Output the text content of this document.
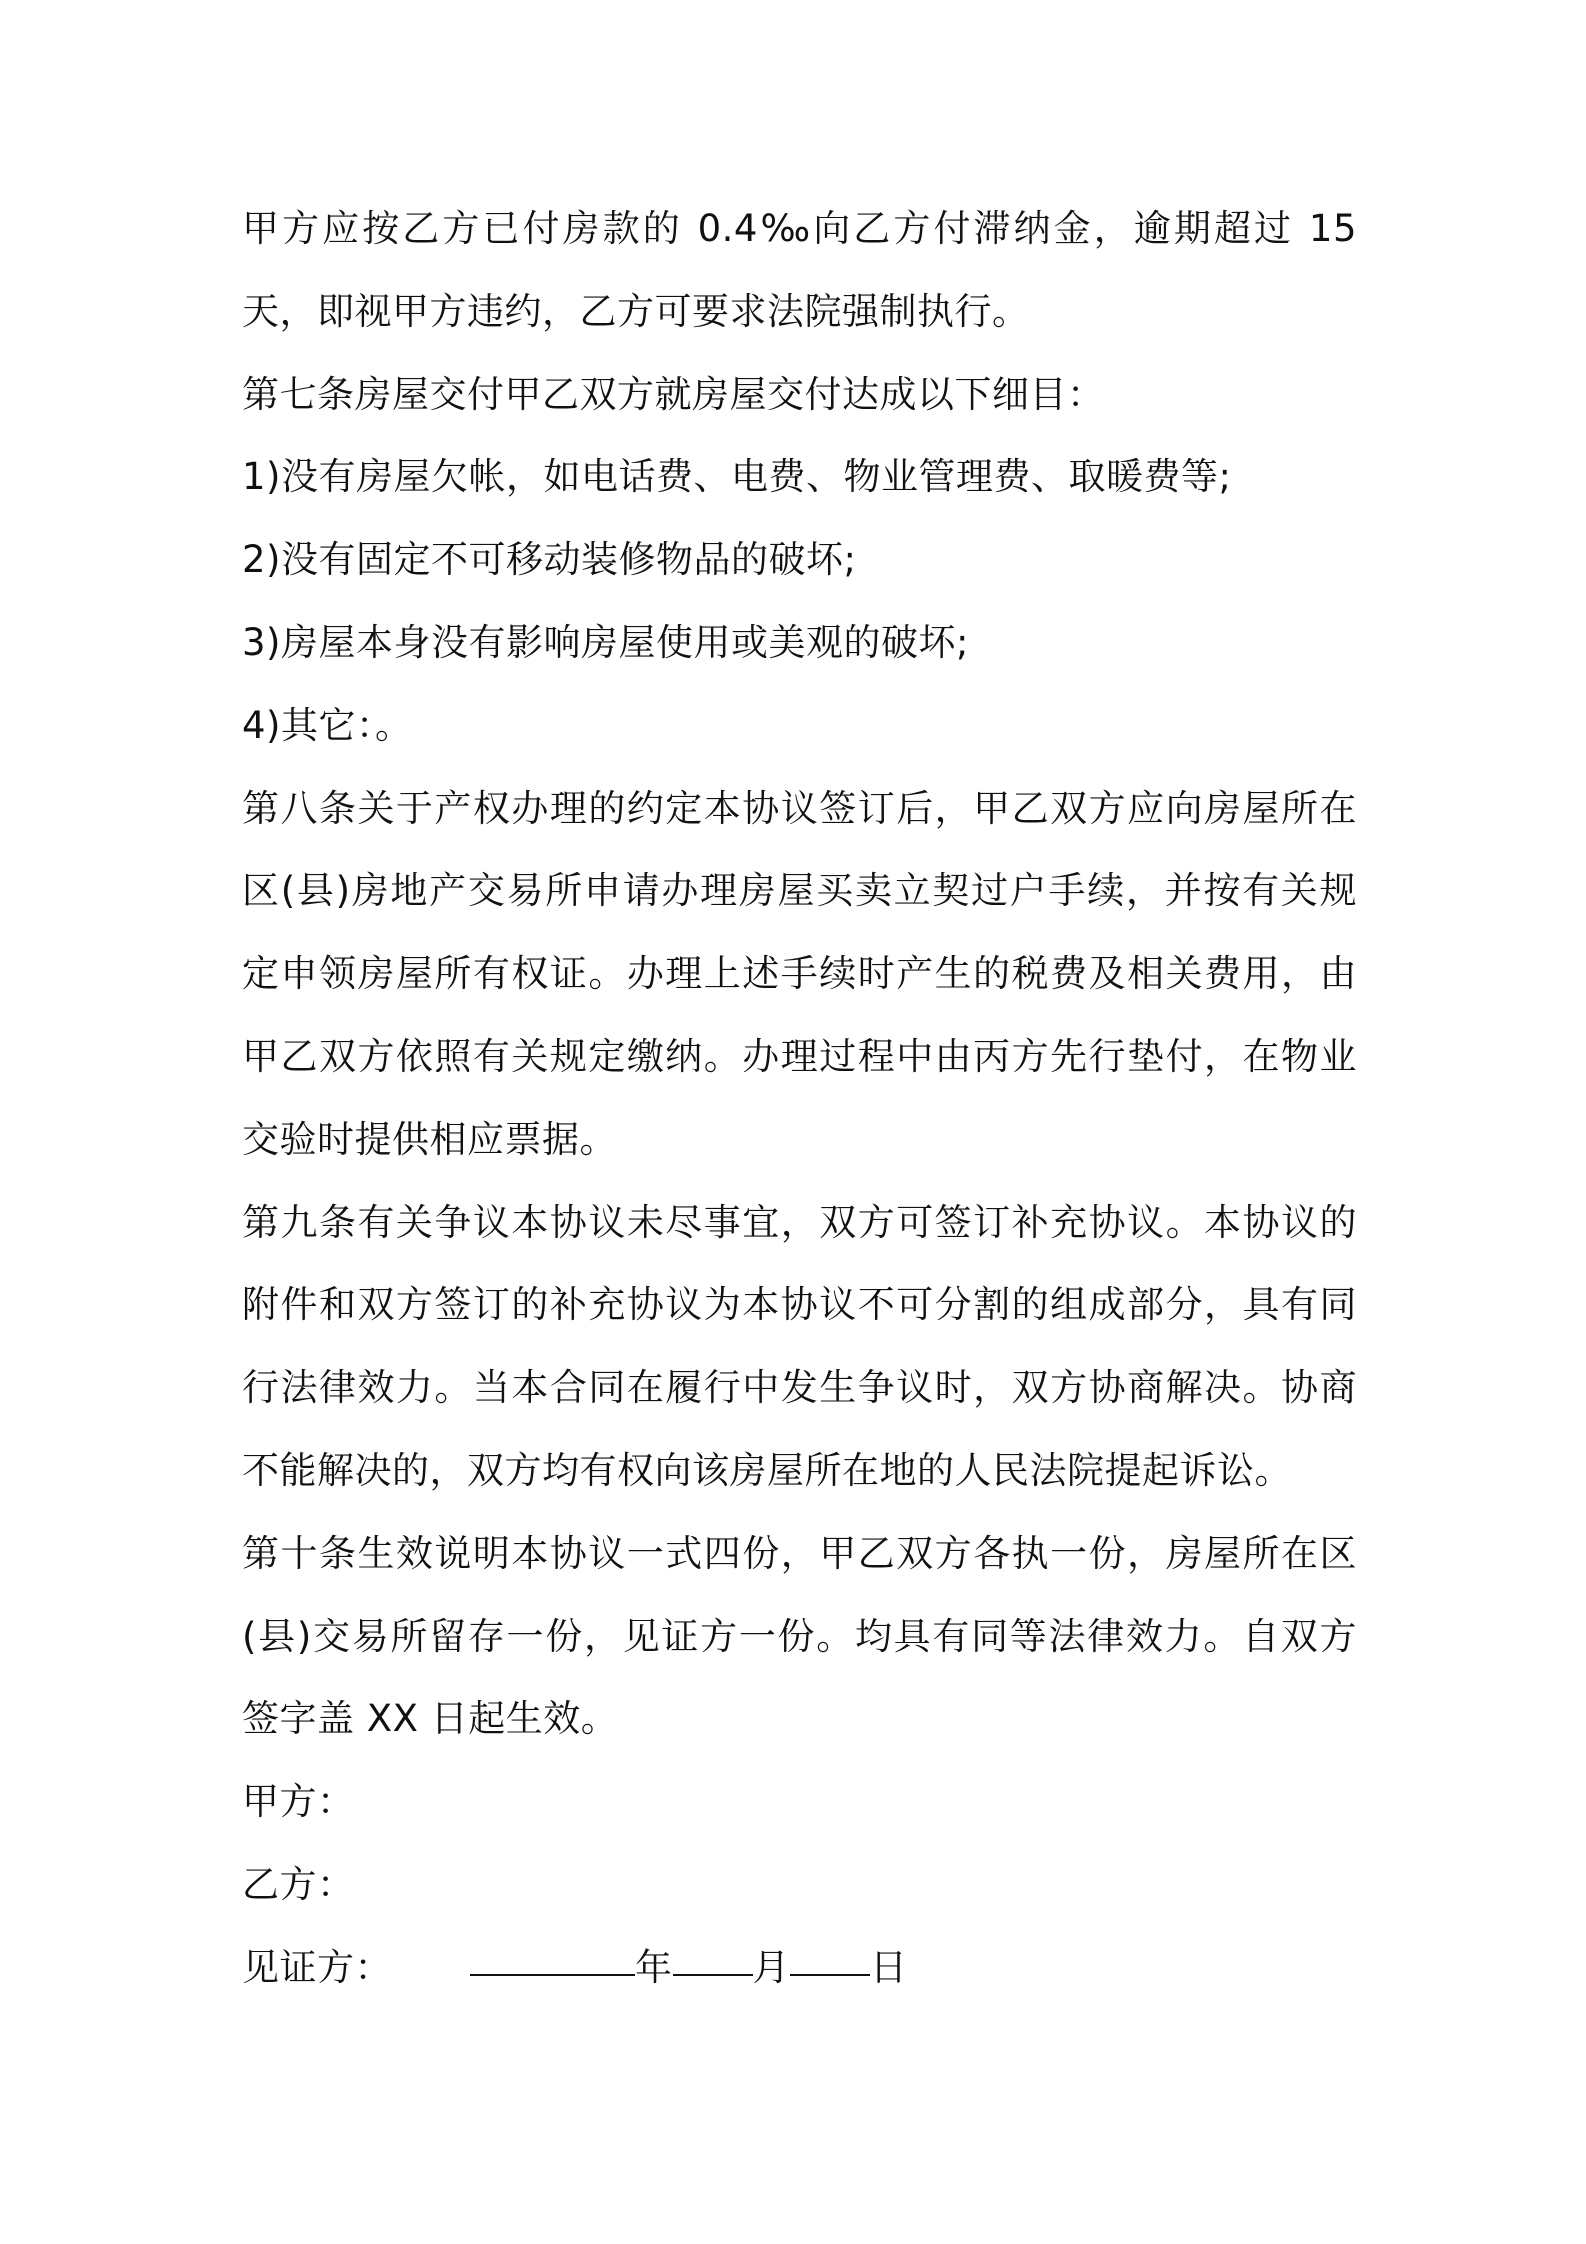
甲方应按乙方已付房款的 0.4‰向乙方付滞纳金，逾期超过 15 天，即视甲方违约，乙方可要求法院强制执行。

第七条房屋交付甲乙双方就房屋交付达成以下细目：

1)没有房屋欠帐，如电话费、电费、物业管理费、取暖费等;

2)没有固定不可移动装修物品的破坏;

3)房屋本身没有影响房屋使用或美观的破坏;

4)其它：。

第八条关于产权办理的约定本协议签订后，甲乙双方应向房屋所在区(县)房地产交易所申请办理房屋买卖立契过户手续，并按有关规定申领房屋所有权证。办理上述手续时产生的税费及相关费用，由甲乙双方依照有关规定缴纳。办理过程中由丙方先行垫付，在物业交验时提供相应票据。

第九条有关争议本协议未尽事宜，双方可签订补充协议。本协议的附件和双方签订的补充协议为本协议不可分割的组成部分，具有同行法律效力。当本合同在履行中发生争议时，双方协商解决。协商不能解决的，双方均有权向该房屋所在地的人民法院提起诉讼。

第十条生效说明本协议一式四份，甲乙双方各执一份，房屋所在区(县)交易所留存一份，见证方一份。均具有同等法律效力。自双方签字盖 XX 日起生效。

甲方：
乙方：
见证方：	年 月 日
